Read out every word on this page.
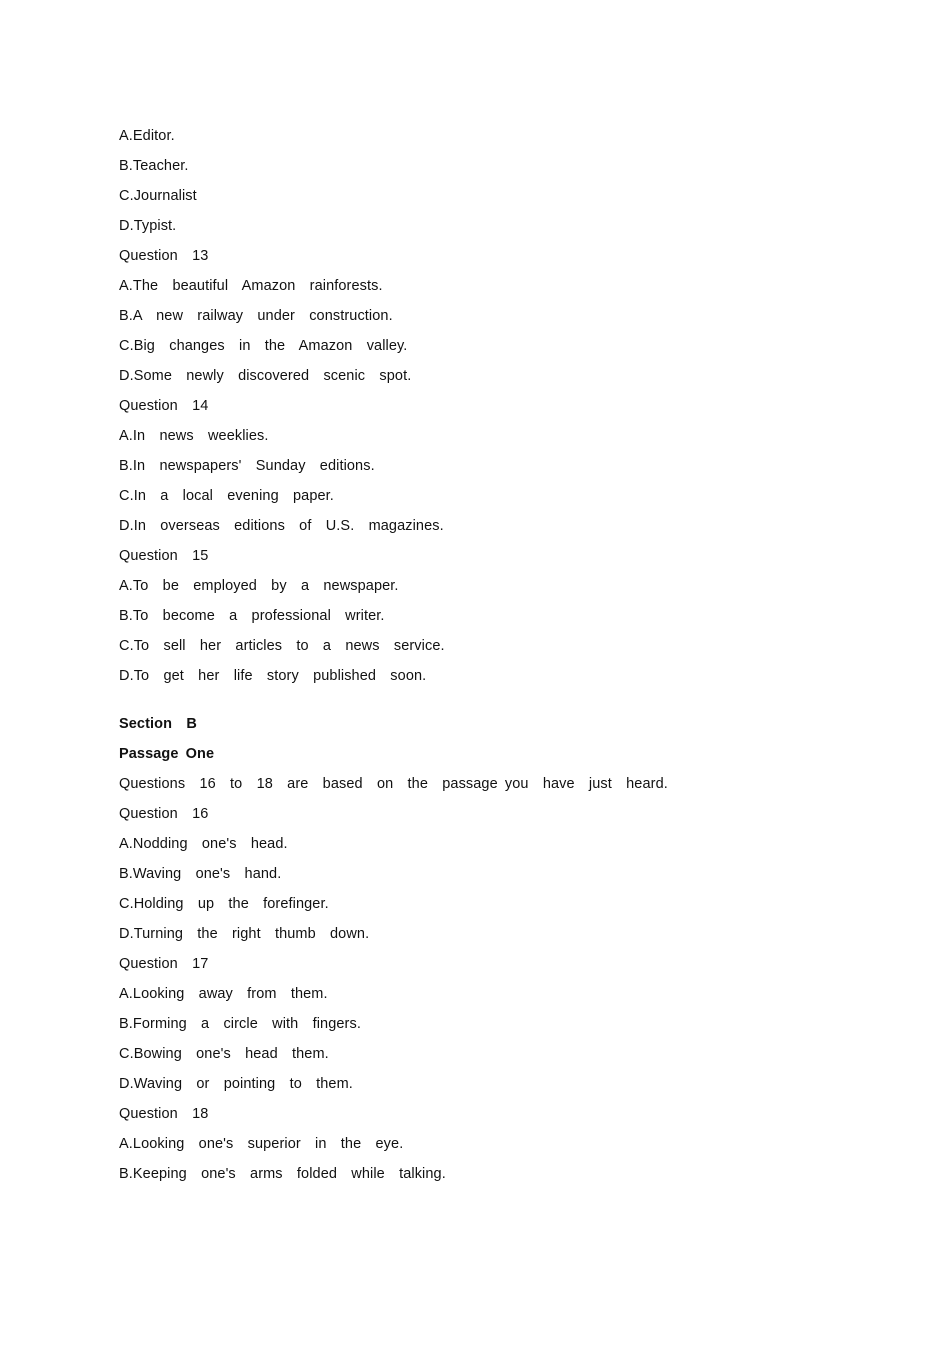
A.Editor.
B.Teacher.
C.Journalist
D.Typist.
Question  13
A.The  beautiful  Amazon  rainforests.
B.A  new  railway  under  construction.
C.Big  changes  in  the  Amazon  valley.
D.Some  newly  discovered  scenic  spot.
Question  14
A.In  news  weeklies.
B.In  newspapers'  Sunday  editions.
C.In  a  local  evening  paper.
D.In  overseas  editions  of  U.S.  magazines.
Question  15
A.To  be  employed  by  a  newspaper.
B.To  become  a  professional  writer.
C.To  sell  her  articles  to  a  news  service.
D.To  get  her  life  story  published  soon.
Section  B
Passage One
Questions  16  to  18  are  based  on  the  passage you  have  just  heard.
Question  16
A.Nodding  one's  head.
B.Waving  one's  hand.
C.Holding  up  the  forefinger.
D.Turning  the  right  thumb  down.
Question  17
A.Looking  away  from  them.
B.Forming  a  circle  with  fingers.
C.Bowing  one's  head  them.
D.Waving  or  pointing  to  them.
Question  18
A.Looking  one's  superior  in  the  eye.
B.Keeping  one's  arms  folded  while  talking.
